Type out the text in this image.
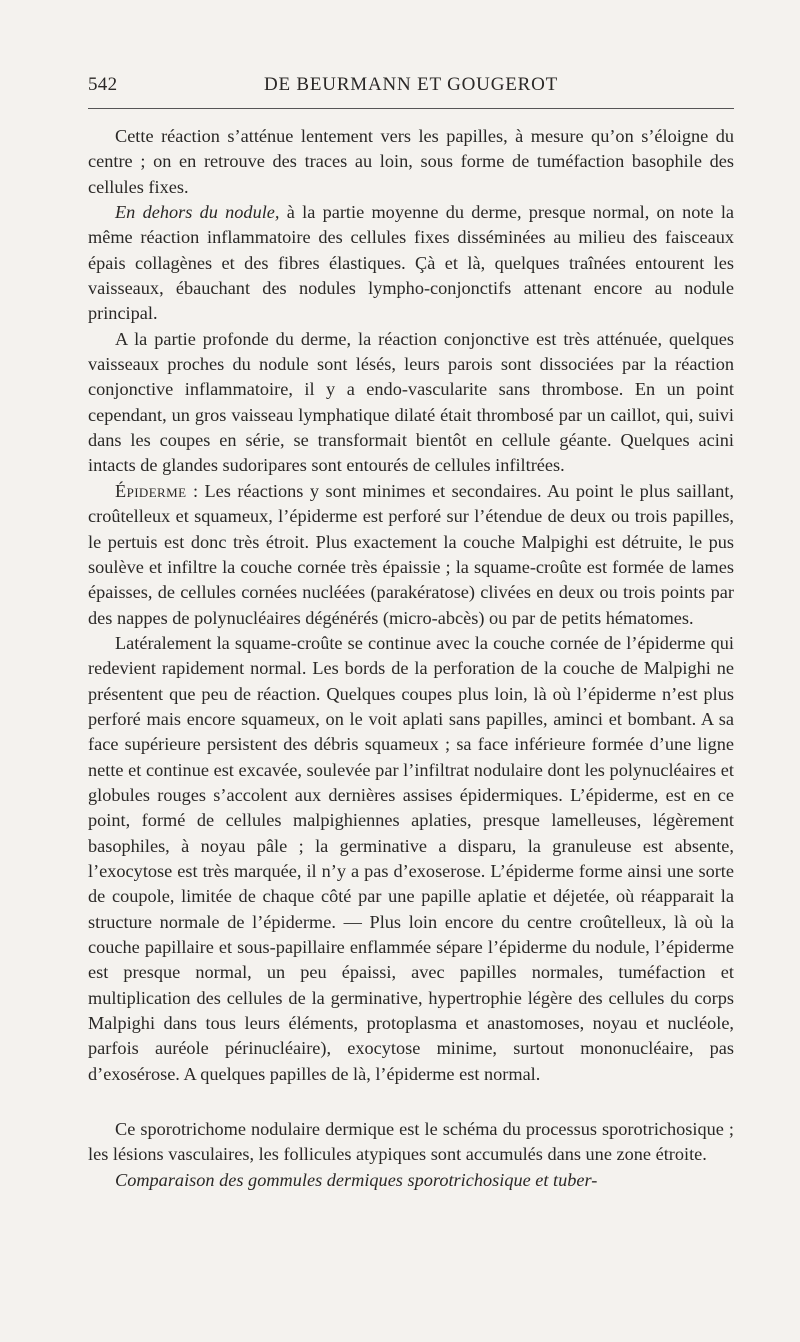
542	DE BEURMANN ET GOUGEROT

Cette réaction s’atténue lentement vers les papilles, à mesure qu’on s’éloigne du centre ; on en retrouve des traces au loin, sous forme de tuméfaction basophile des cellules fixes.

En dehors du nodule, à la partie moyenne du derme, presque normal, on note la même réaction inflammatoire des cellules fixes disséminées au milieu des faisceaux épais collagènes et des fibres élastiques. Çà et là, quelques traînées entourent les vaisseaux, ébauchant des nodules lympho-conjonctifs attenant encore au nodule principal.

A la partie profonde du derme, la réaction conjonctive est très atténuée, quelques vaisseaux proches du nodule sont lésés, leurs parois sont dissociées par la réaction conjonctive inflammatoire, il y a endo-vascularite sans thrombose. En un point cependant, un gros vaisseau lymphatique dilaté était thrombosé par un caillot, qui, suivi dans les coupes en série, se transformait bientôt en cellule géante. Quelques acini intacts de glandes sudoripares sont entourés de cellules infiltrées.

Épiderme : Les réactions y sont minimes et secondaires. Au point le plus saillant, croûtelleux et squameux, l’épiderme est perforé sur l’étendue de deux ou trois papilles, le pertuis est donc très étroit. Plus exactement la couche Malpighi est détruite, le pus soulève et infiltre la couche cornée très épaissie ; la squame-croûte est formée de lames épaisses, de cellules cornées nucléées (parakératose) clivées en deux ou trois points par des nappes de polynucléaires dégénérés (micro-abcès) ou par de petits hématomes.

Latéralement la squame-croûte se continue avec la couche cornée de l’épiderme qui redevient rapidement normal. Les bords de la perforation de la couche de Malpighi ne présentent que peu de réaction. Quelques coupes plus loin, là où l’épiderme n’est plus perforé mais encore squameux, on le voit aplati sans papilles, aminci et bombant. A sa face supérieure persistent des débris squameux ; sa face inférieure formée d’une ligne nette et continue est excavée, soulevée par l’infiltrat nodulaire dont les polynucléaires et globules rouges s’accolent aux dernières assises épidermiques. L’épiderme, est en ce point, formé de cellules malpighiennes aplaties, presque lamelleuses, légèrement basophiles, à noyau pâle ; la germinative a disparu, la granuleuse est absente, l’exocytose est très marquée, il n’y a pas d’exoserose. L’épiderme forme ainsi une sorte de coupole, limitée de chaque côté par une papille aplatie et déjetée, où réapparait la structure normale de l’épiderme. — Plus loin encore du centre croûtelleux, là où la couche papillaire et sous-papillaire enflammée sépare l’épiderme du nodule, l’épiderme est presque normal, un peu épaissi, avec papilles normales, tuméfaction et multiplication des cellules de la germinative, hypertrophie légère des cellules du corps Malpighi dans tous leurs éléments, protoplasma et anastomoses, noyau et nucléole, parfois auréole périnucléaire), exocytose minime, surtout mononucléaire, pas d’exosérose. A quelques papilles de là, l’épiderme est normal.

Ce sporotrichome nodulaire dermique est le schéma du processus sporotrichosique ; les lésions vasculaires, les follicules atypiques sont accumulés dans une zone étroite.

Comparaison des gommules dermiques sporotrichosique et tuber-
